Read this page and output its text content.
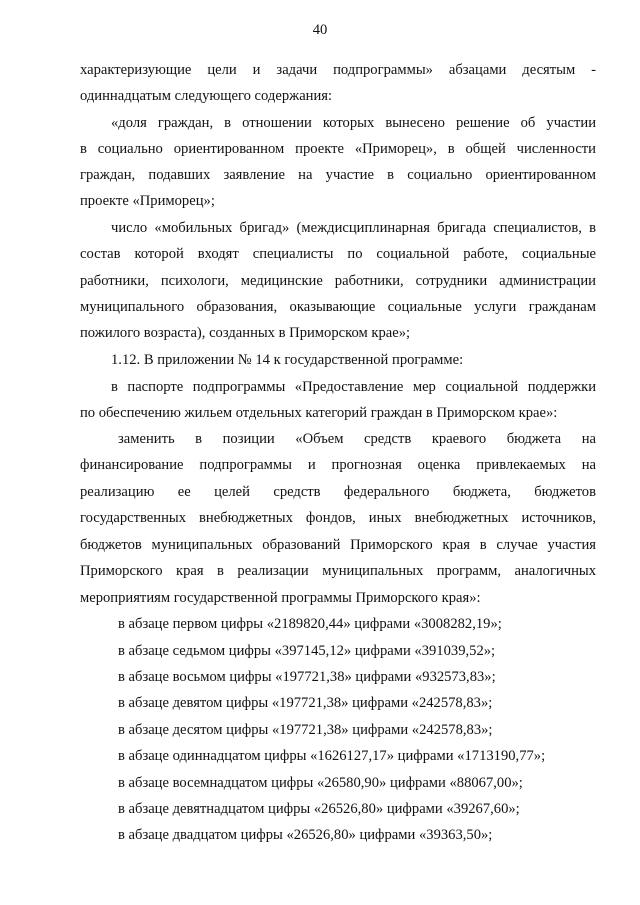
40
характеризующие цели и задачи подпрограммы» абзацами десятым -
одиннадцатым следующего содержания:
«доля граждан, в отношении которых вынесено решение об участии
в социально ориентированном проекте «Приморец», в общей численности
граждан, подавших заявление на участие в социально ориентированном
проекте «Приморец»;
число «мобильных бригад» (междисциплинарная бригада специалистов, в
состав которой входят специалисты по социальной работе, социальные
работники, психологи, медицинские работники, сотрудники администрации
муниципального образования, оказывающие социальные услуги гражданам
пожилого возраста), созданных в Приморском крае»;
1.12. В приложении № 14 к государственной программе:
в паспорте подпрограммы «Предоставление мер социальной поддержки
по обеспечению жильем отдельных категорий граждан в Приморском крае»:
заменить в позиции «Объем средств краевого бюджета на
финансирование подпрограммы и прогнозная оценка привлекаемых на
реализацию ее целей средств федерального бюджета, бюджетов
государственных внебюджетных фондов, иных внебюджетных источников,
бюджетов муниципальных образований Приморского края в случае участия
Приморского края в реализации муниципальных программ, аналогичных
мероприятиям государственной программы Приморского края»:
в абзаце первом цифры «2189820,44» цифрами «3008282,19»;
в абзаце седьмом цифры «397145,12» цифрами «391039,52»;
в абзаце восьмом цифры «197721,38» цифрами «932573,83»;
в абзаце девятом цифры «197721,38» цифрами «242578,83»;
в абзаце десятом цифры «197721,38» цифрами «242578,83»;
в абзаце одиннадцатом цифры «1626127,17» цифрами «1713190,77»;
в абзаце восемнадцатом цифры «26580,90» цифрами «88067,00»;
в абзаце девятнадцатом цифры «26526,80» цифрами «39267,60»;
в абзаце двадцатом цифры «26526,80» цифрами «39363,50»;
